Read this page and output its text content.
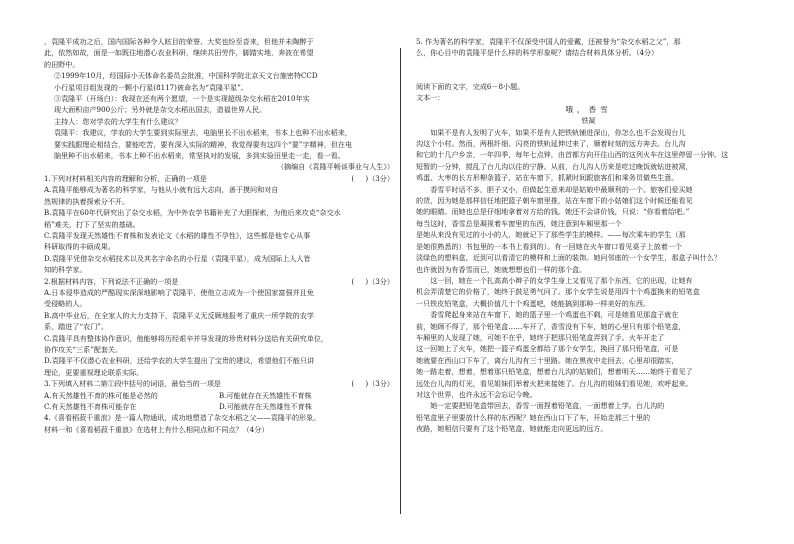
，袁隆平成功之后，国内国际各种令人眩目的荣誉、大奖也纷至沓来，但他并未陶醉于
此，依然如故，面是一如既往地潜心农业科研，继续共田劳作，脚踏实地，奔波在希望
的田野中。
②1999年10月，经国际小天体命名委员会批准，中国科学院北京天文台施密特CCD
小行星项目组发现的一颗小行星(8117)被命名为“袁隆平星”。
③袁隆平（开场白）：我现在还有两个愿望，一个是实现超级杂交水稻在2010年实
现大面积亩产900公斤；另外就是杂交水稻出国去，造福世界人民。
主持人：您对学农的大学生有什么建议？
袁隆平：我建议，学农的大学生要到实际里去，电脑里长不出水稻来，书本上也种不出水稻来，
要实践跟理论相结合，要能吃苦，要有深入实际的精神，我觉得要有这四个“要”字精神，但在电
脑里种不出水稻来，书本上种不出水稻来，常坚执对的发展，多到实验田里走一走，看一看。
（摘编自《袁隆平畅谈事业与人生》）
1.下列对材料相关内容的理解和分析，正确的一项是	(     )（3分）
A.袁隆平能够成为著名的科学家，与他从小就有远大志向，善于摸问和对自
然规律的执着探索分不开。
B.袁隆平在60年代研究出了杂交水稻，为中外农学书籍补充了大胆探索，为他后来攻克“杂交水
稻”难关，打下了坚实的基础。
C.袁隆平发现天然雄性不育株和发表论文《水稻的雄性不孕性》，这些都是他专心从事
科研取得的丰硕成果。
D.袁隆平凭借杂交水稻技术以及其名字命名的小行星（袁隆平星），成为国际上人人皆
知的科学家。
2.根据材料内容，下列说法不正确的一项是	(     )（3分）
A.日本侵华造成的严酷现实深深地影响了袁隆平，使他立志成为一个使国家富强并且免
受侵略的人。
B.高中毕业后，在全家人的大力支持下，袁隆平义无反顾地报考了重庆一所学院的农学
系，踏进了“农门”。
C.袁隆平具有整体协作意识，他能够将历经艰辛并导发现的珍贵材料分送给有关研究单位，
协作攻关“三系”配套关。
D.袁隆平不仅潜心农业科研，还给学农的大学生提出了宝贵的建议，希望他们不能只讲
理论，更要重视理论联系实际。
3.下列填入材料二第①段中括号的词语，最恰当的一项是	(     )（3分）
A.有天然雄性不育的株可能是必然的	B.可能就存在天然雄性不育株
C.有天然雄性不育株可能存在	D.可能就存在天然雄性不育株
4.《喜看稻菽千重浪》是一篇人物通讯，成功地塑造了杂交水稻之父——袁隆平的形象。
材料一和《喜看稻菽千重浪》在选材上有什么相同点和不同点？（4分）
5. 作为著名的科学家，袁隆平不仅深受中国人的爱戴，还被誉为“杂交水稻之父”，那
么，你心目中的袁隆平是什么样的科学形象呢？请结合材料具体分析。（4分）
阅读下面的文字，完成6－8小题。
文本一：
哦，香雪
铁凝
如果不是有人发明了火车，如果不是有人把铁轨铺进深山，你怎么也不会发现台儿
沟这个小村。然而，两根纤细、闪亮的铁轨延伸过来了，顺着时刻的远方奔去。台儿沟
和它的十几户乡亲，一年四季，每年七点钟，由首都方向开往山西的这列火车在这里停留一分钟。这
短暂的一分钟，搅乱了台儿沟以往的宁静。从前，台儿沟人历来是吃过晚饭就钻进被窝，
鸡蛋、大枣的长方形柳条篮子，站在车窗下，抓紧时间跟旅客们和乘务员做些生意。
香雪平时话不多，胆子又小，但做起生意来却是姑娘中最顺利的一个。旅客们爱买她
的货，因为她是那样信任地把篮子朝车窗里推，站在车窗下的小姑娘们这个时候还能看见
她的眼睛。而她也总是仔细地拿着对方给的钱。她还不会讲价钱，只说：“你看着给吧。”
每当这时，香雪总是凝视着车窗里的东西，她注意到车厢里那一个
是她从来没有见过的小小的人，她就记下了那些学生的模样。——每次乘车的学生（那
是她很熟悉的）书包里的一本书上看到的）。有一回她在火车窗口看见桌子上放着一个
淡绿色的塑料盒，近到可以看清它的模样和上面的装饰。她问邻座的一个女学生，那盒子叫什么？
也许就因为有香雪而已，她就想想也们一样的那个盒。
这一回，她在一个扎高高小辫子的女学生身上又看见了那个东西，它的出现，让她有
机会弄清楚它的价格了，她终于鼓足勇气问了。那个女学生说是用四十个鸡蛋换来的铅笔盒
一只铁皮铅笔盒，大概价值几十个鸡蛋吧，她能搞到那种一样美好的东西。
香雪爬起身来站在车窗下，她的篮子里一个鸡蛋也不剩，可是她看见那盒子就在
前，她顾不得了，那个铅笔盒……车开了，香雪没有下车，她的心里只有那个铅笔盒，
车厢里的人发现了她，可她不在乎，她终于把那只铅笔盒弄到了手。火车开走了
这一回她上了火车，她把一篮子鸡蛋全都给了那个女学生，换回了那只铅笔盒，可是
她就要在西山口下车了，离台儿沟有三十里路。她在黑夜中走回去，心里却很踏实，
她一路走着，想着，想着那只铅笔盒，想着台儿沟的姑娘们，想着明天……她终于看见了
远处台儿沟的灯光，看见姐妹们举着火把来接她了。台儿沟的姐妹们看见她，欢呼起来。
对这个世界，也许永远不会忘记今晚。
她一定要把铅笔盒带回去，香雪一面捏着铅笔盒，一面想着上学。台儿沟的
铅笔盒里子里要放什么样的东西呢？她在西山口下了车，开始走那三十里的
夜路，她相信只要有了这个铅笔盒，她就能走向更远的远方。
